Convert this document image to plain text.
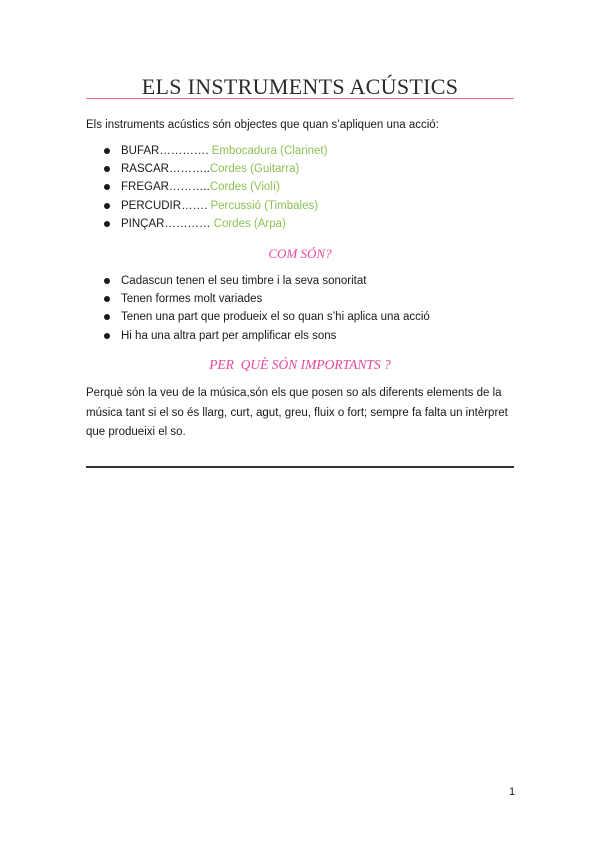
ELS INSTRUMENTS ACÚSTICS
Els instruments acústics són objectes que quan s’apliquen una acció:
BUFAR…………. Embocadura (Clarinet)
RASCAR………..Cordes (Guitarra)
FREGAR………..Cordes (Violí)
PERCUDIR……. Percussió (Timbales)
PINÇAR………… Cordes (Arpa)
COM SÓN?
Cadascun tenen el seu timbre i la seva sonoritat
Tenen formes molt variades
Tenen una part que produeix el so quan s’hi aplica una acció
Hi ha una altra part per amplificar els sons
PER  QUÈ SÓN IMPORTANTS ?

Perquè són la veu de la música,són els que posen so als diferents elements de la música tant si el so és llarg, curt, agut, greu, fluix o fort; sempre fa falta un intèrpret que produeixi el so.

1
